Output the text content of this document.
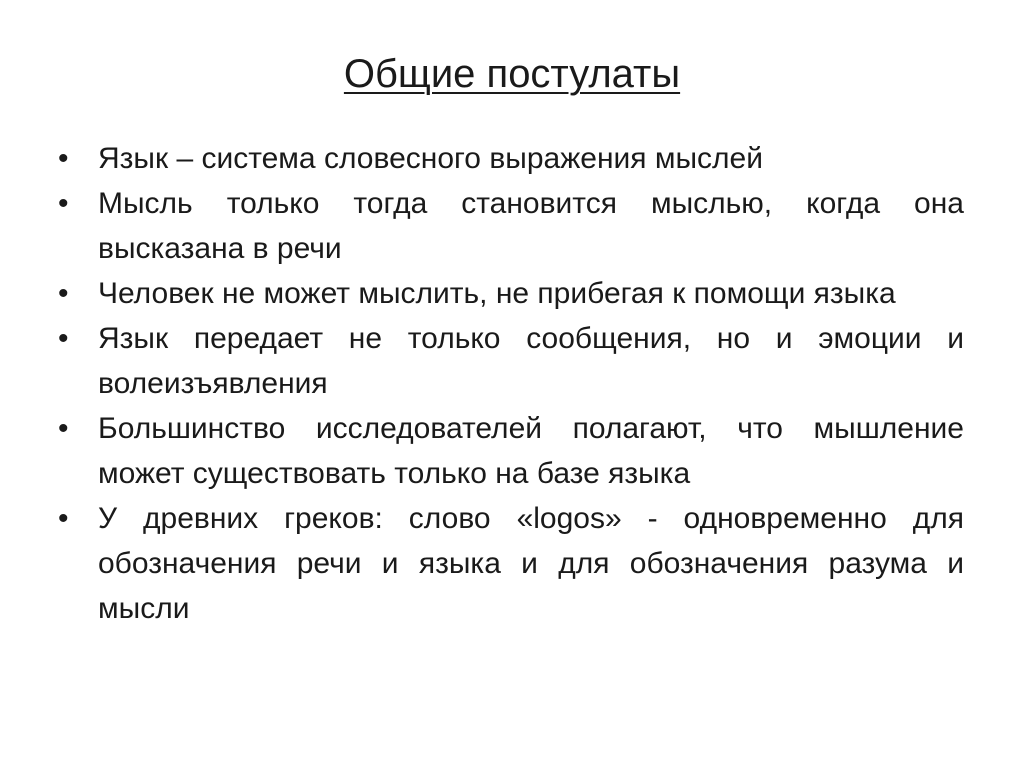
Общие постулаты
• Язык – система словесного выражения мыслей
• Мысль только тогда становится мыслью, когда она высказана в речи
• Человек не может мыслить, не прибегая к помощи языка
• Язык передает не только сообщения, но и эмоции и волеизъявления
• Большинство исследователей полагают, что мышление может существовать только на базе языка
• У древних греков: слово «logos» - одновременно для обозначения речи и языка и для обозначения разума и мысли
